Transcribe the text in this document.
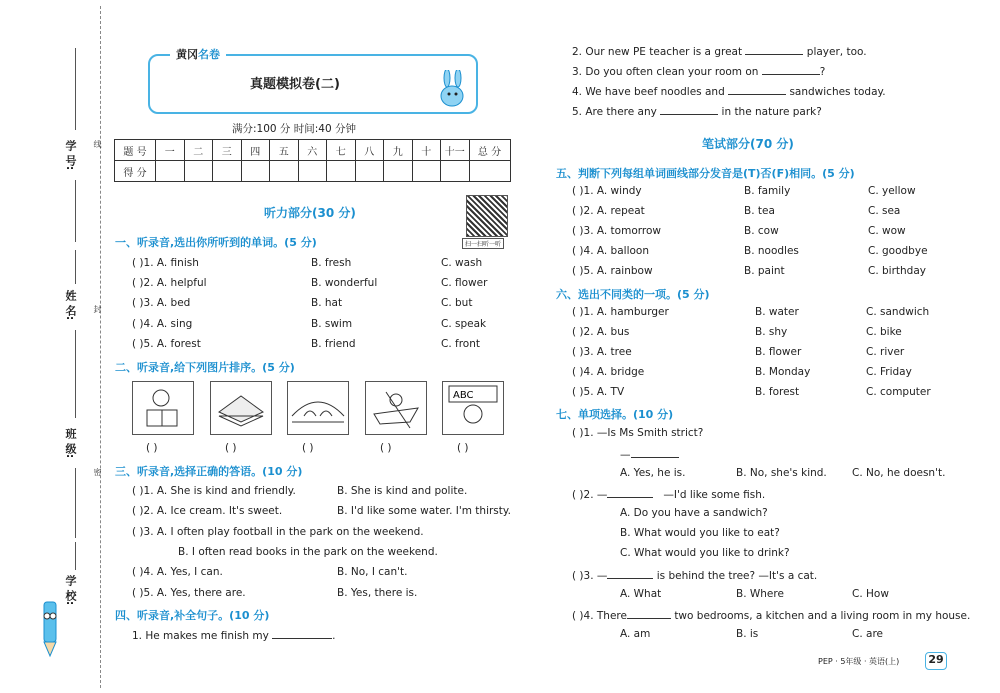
线
封
密
学 号:
姓 名:
班 级:
学 校:
黄冈名卷
真题模拟卷(二)
满分:100 分 时间:40 分钟
题 号	一	二	三	四	五	六	七	八	九	十	十一	总 分
得 分												
听力部分(30 分)
扫一扫听一听
一、听录音,选出你所听到的单词。(5 分)
( )1. A. finish	B. fresh	C. wash
( )2. A. helpful	B. wonderful	C. flower
( )3. A. bed	B. hat	C. but
( )4. A. sing	B. swim	C. speak
( )5. A. forest	B. friend	C. front
二、听录音,给下列图片排序。(5 分)
ABC
( )	( )	( )	( )	( )
三、听录音,选择正确的答语。(10 分)
( )1. A. She is kind and friendly.	B. She is kind and polite.
( )2. A. Ice cream. It's sweet.	B. I'd like some water. I'm thirsty.
( )3. A. I often play football in the park on the weekend.
B. I often read books in the park on the weekend.
( )4. A. Yes, I can.	B. No, I can't.
( )5. A. Yes, there are.	B. Yes, there is.
四、听录音,补全句子。(10 分)
1. He makes me finish my	.
2. Our new PE teacher is a great	player, too.
3. Do you often clean your room on	?
4. We have beef noodles and	sandwiches today.
5. Are there any	in the nature park?
笔试部分(70 分)
五、判断下列每组单词画线部分发音是(T)否(F)相同。(5 分)
( )1. A. windy	B. family	C. yellow
( )2. A. repeat	B. tea	C. sea
( )3. A. tomorrow	B. cow	C. wow
( )4. A. balloon	B. noodles	C. goodbye
( )5. A. rainbow	B. paint	C. birthday
六、选出不同类的一项。(5 分)
( )1. A. hamburger	B. water	C. sandwich
( )2. A. bus	B. shy	C. bike
( )3. A. tree	B. flower	C. river
( )4. A. bridge	B. Monday	C. Friday
( )5. A. TV	B. forest	C. computer
七、单项选择。(10 分)
( )1. —Is Ms Smith strict?
—
A. Yes, he is.	B. No, she's kind. C. No, he doesn't.
( )2. —	—I'd like some fish.
A. Do you have a sandwich?
B. What would you like to eat?
C. What would you like to drink?
( )3. —	is behind the tree? —It's a cat.
A. What	B. Where	C. How
( )4. There	two bedrooms, a kitchen and a living room in my house.
A. am	B. is	C. are
PEP · 5年级 · 英语(上)	29
